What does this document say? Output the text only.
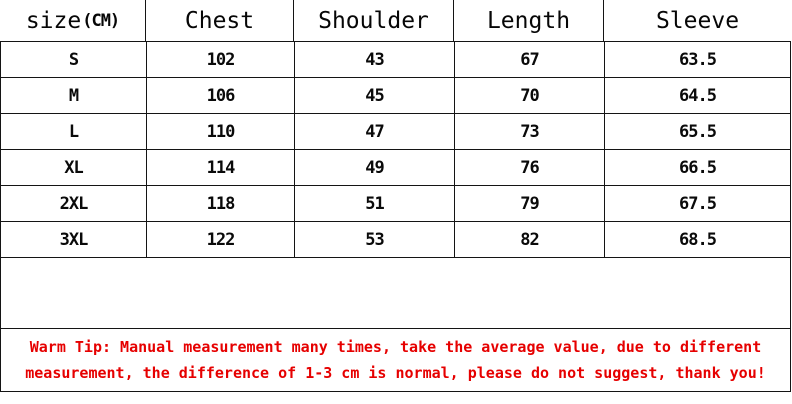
size (CM)	Chest	Shoulder	Length	Sleeve
S	102	43	67	63.5
M	106	45	70	64.5
L	110	47	73	65.5
XL	114	49	76	66.5
2XL	118	51	79	67.5
3XL	122	53	82	68.5
Warm Tip: Manual measurement many times, take the average value, due to different
measurement, the difference of 1-3 cm is normal, please do not suggest, thank you!
